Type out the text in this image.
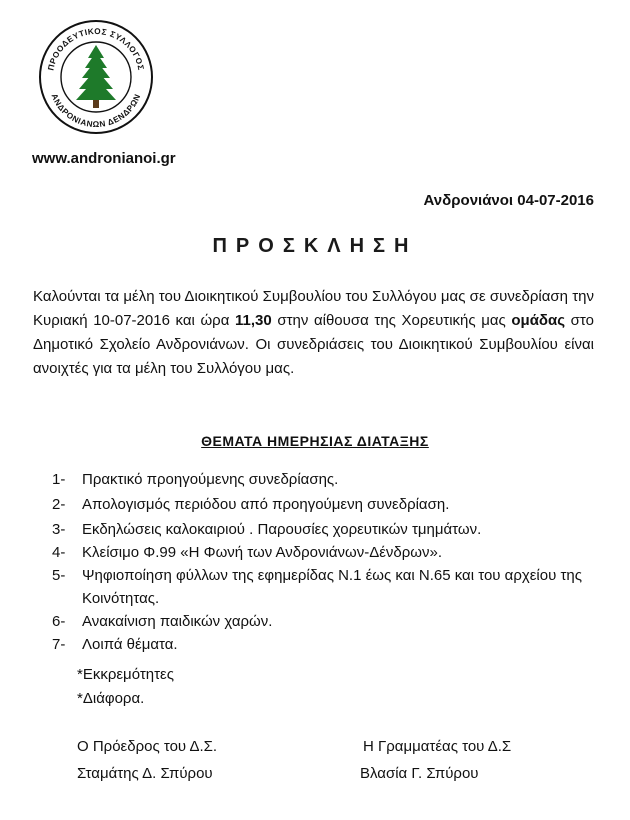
ΠΡΟΟΔΕΥΤΙΚΟΣ ΣΥΛΛΟΓΟΣ
ΑΝΔΡΟΝΙΑΝΩΝ ΔΕΝΔΡΩΝ
www.andronianoi.gr
Ανδρονιάνοι 04-07-2016
ΠΡΟΣΚΛΗΣΗ
Καλούνται τα μέλη του Διοικητικού Συμβουλίου του Συλλόγου μας σε συνεδρίαση την Κυριακή 10-07-2016 και ώρα 11,30 στην αίθουσα της Χορευτικής μας ομάδας στο Δημοτικό Σχολείο Ανδρονιάνων. Οι συνεδριάσεις του Διοικητικού Συμβουλίου είναι ανοιχτές για τα μέλη του Συλλόγου μας.
ΘΕΜΑΤΑ ΗΜΕΡΗΣΙΑΣ ΔΙΑΤΑΞΗΣ
1-	Πρακτικό προηγούμενης συνεδρίασης.
2-	Απολογισμός περιόδου από προηγούμενη συνεδρίαση.
3-	Εκδηλώσεις καλοκαιριού . Παρουσίες χορευτικών τμημάτων.
4-	Κλείσιμο Φ.99 «Η Φωνή των Ανδρονιάνων-Δένδρων».
5-	Ψηφιοποίηση φύλλων της εφημερίδας Ν.1 έως και Ν.65 και του αρχείου της Κοινότητας.
6-	Ανακαίνιση παιδικών χαρών.
7-	Λοιπά θέματα.
*Εκκρεμότητες
*Διάφορα.
Ο Πρόεδρος του Δ.Σ.
Σταμάτης Δ. Σπύρου
Η Γραμματέας του Δ.Σ
Βλασία Γ. Σπύρου
